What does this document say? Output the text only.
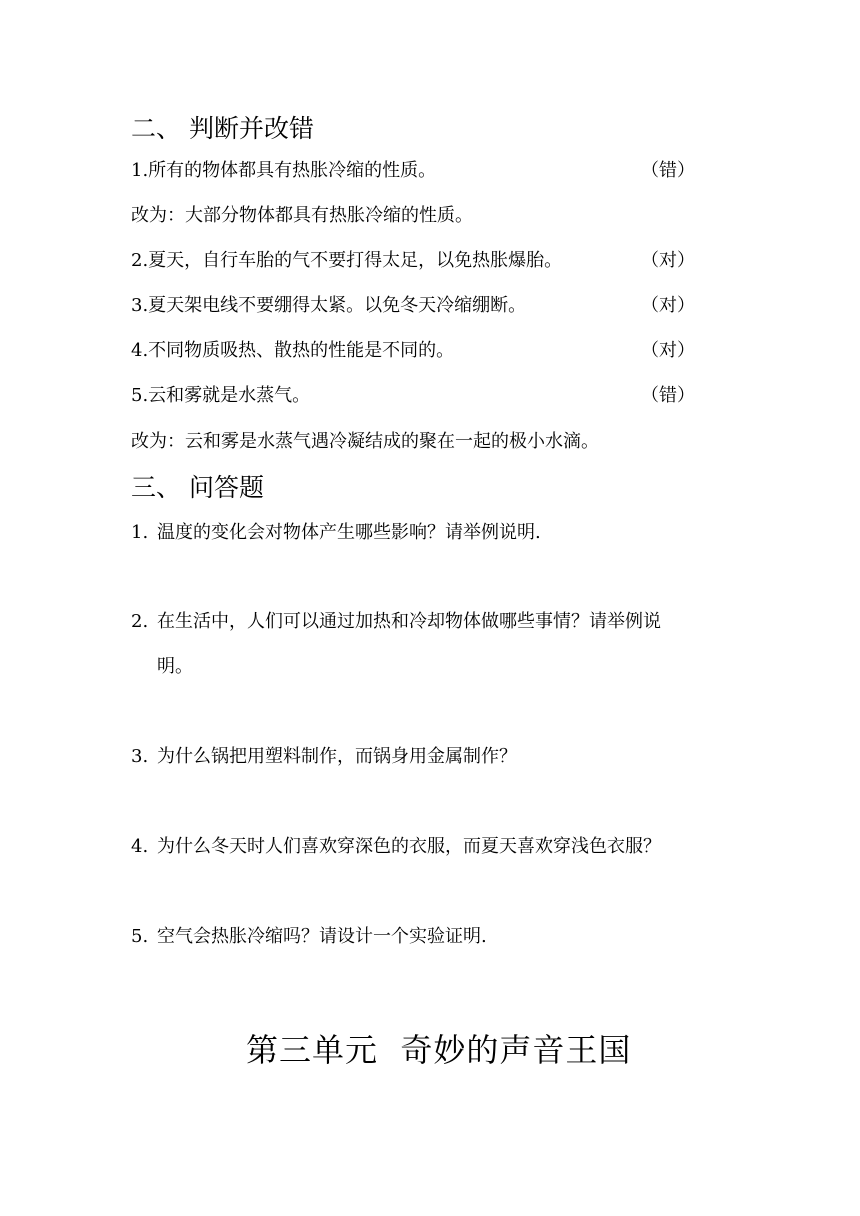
二、 判断并改错
1.所有的物体都具有热胀冷缩的性质。	（错）
改为：大部分物体都具有热胀冷缩的性质。
2.夏天，自行车胎的气不要打得太足，以免热胀爆胎。	（对）
3.夏天架电线不要绷得太紧。以免冬天冷缩绷断。	（对）
4.不同物质吸热、散热的性能是不同的。	（对）
5.云和雾就是水蒸气。	（错）
改为：云和雾是水蒸气遇冷凝结成的聚在一起的极小水滴。
三、 问答题
1. 温度的变化会对物体产生哪些影响？请举例说明.
2. 在生活中，人们可以通过加热和冷却物体做哪些事情？请举例说
明。
3. 为什么锅把用塑料制作，而锅身用金属制作？
4. 为什么冬天时人们喜欢穿深色的衣服，而夏天喜欢穿浅色衣服？
5. 空气会热胀冷缩吗？请设计一个实验证明.
第三单元  奇妙的声音王国
